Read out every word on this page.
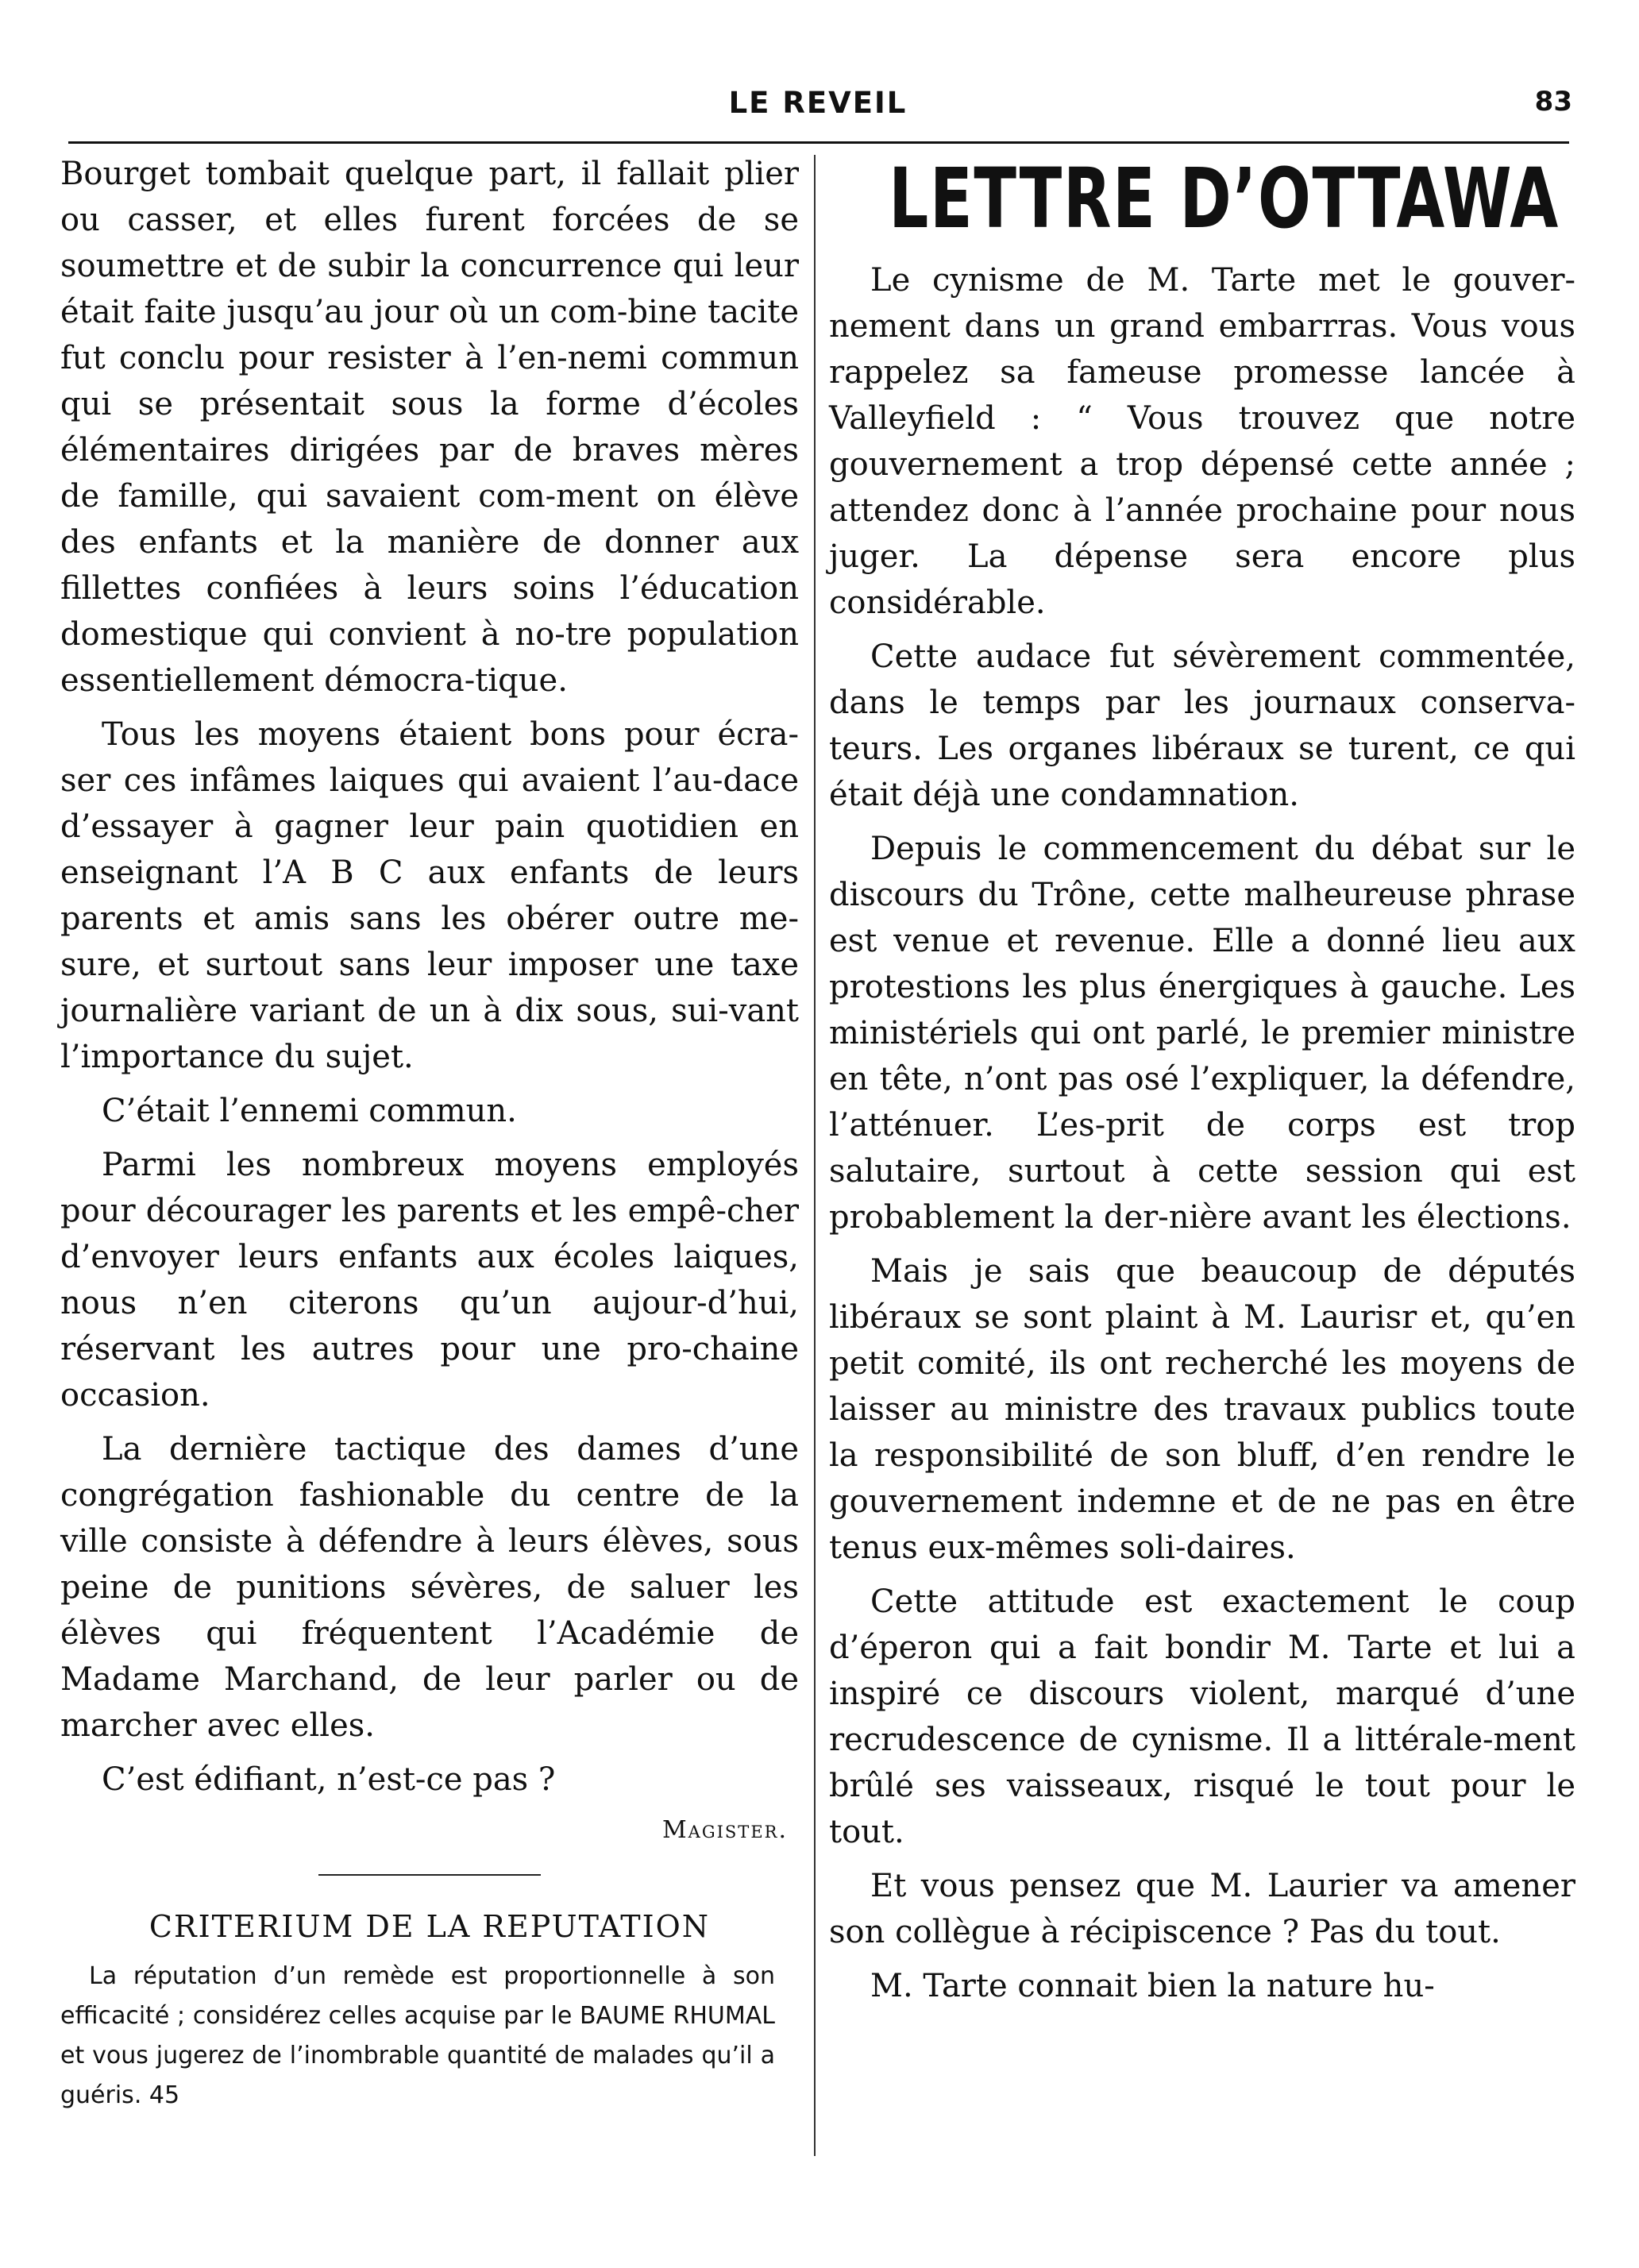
LE REVEIL	83

Bourget tombait quelque part, il fallait plier ou casser, et elles furent forcées de se soumettre et de subir la concurrence qui leur était faite jusqu’au jour où un com-bine tacite fut conclu pour resister à l’en-nemi commun qui se présentait sous la forme d’écoles élémentaires dirigées par de braves mères de famille, qui savaient com-ment on élève des enfants et la manière de donner aux fillettes confiées à leurs soins l’éducation domestique qui convient à no-tre population essentiellement démocra-tique.

Tous les moyens étaient bons pour écra-ser ces infâmes laiques qui avaient l’au-dace d’essayer à gagner leur pain quotidien en enseignant l’A B C aux enfants de leurs parents et amis sans les obérer outre me-sure, et surtout sans leur imposer une taxe journalière variant de un à dix sous, sui-vant l’importance du sujet.

C’était l’ennemi commun.

Parmi les nombreux moyens employés pour décourager les parents et les empê-cher d’envoyer leurs enfants aux écoles laiques, nous n’en citerons qu’un aujour-d’hui, réservant les autres pour une pro-chaine occasion.

La dernière tactique des dames d’une congrégation fashionable du centre de la ville consiste à défendre à leurs élèves, sous peine de punitions sévères, de saluer les élèves qui fréquentent l’Académie de Madame Marchand, de leur parler ou de marcher avec elles.

C’est édifiant, n’est-ce pas ?

Magister.

CRITERIUM DE LA REPUTATION

La réputation d’un remède est proportionnelle à son efficacité ; considérez celles acquise par le BAUME RHUMAL et vous jugerez de l’inombrable quantité de malades qu’il a guéris. 45

LETTRE D’OTTAWA

Le cynisme de M. Tarte met le gouver-nement dans un grand embarrras. Vous vous rappelez sa fameuse promesse lancée à Valleyfield : “ Vous trouvez que notre gouvernement a trop dépensé cette année ; attendez donc à l’année prochaine pour nous juger. La dépense sera encore plus considérable.

Cette audace fut sévèrement commentée, dans le temps par les journaux conserva-teurs. Les organes libéraux se turent, ce qui était déjà une condamnation.

Depuis le commencement du débat sur le discours du Trône, cette malheureuse phrase est venue et revenue. Elle a donné lieu aux protestions les plus énergiques à gauche. Les ministériels qui ont parlé, le premier ministre en tête, n’ont pas osé l’expliquer, la défendre, l’atténuer. L’es-prit de corps est trop salutaire, surtout à cette session qui est probablement la der-nière avant les élections.

Mais je sais que beaucoup de députés libéraux se sont plaint à M. Laurisr et, qu’en petit comité, ils ont recherché les moyens de laisser au ministre des travaux publics toute la responsibilité de son bluff, d’en rendre le gouvernement indemne et de ne pas en être tenus eux-mêmes soli-daires.

Cette attitude est exactement le coup d’éperon qui a fait bondir M. Tarte et lui a inspiré ce discours violent, marqué d’une recrudescence de cynisme. Il a littérale-ment brûlé ses vaisseaux, risqué le tout pour le tout.

Et vous pensez que M. Laurier va amener son collègue à récipiscence ? Pas du tout.

M. Tarte connait bien la nature hu-
